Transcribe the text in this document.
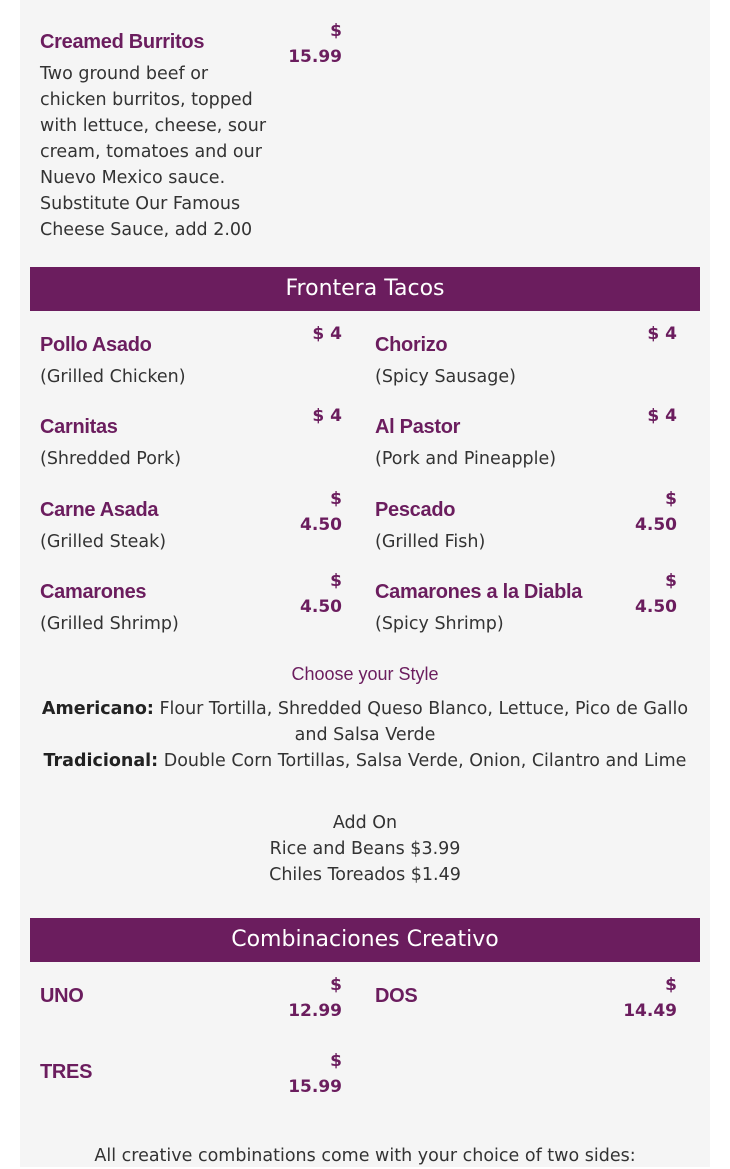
Creamed Burritos	$
15.99
Two ground beef or chicken burritos, topped with lettuce, cheese, sour cream, tomatoes and our Nuevo Mexico sauce. Substitute Our Famous Cheese Sauce, add 2.00
Frontera Tacos
Pollo Asado	$ 4
(Grilled Chicken)
Chorizo	$ 4
(Spicy Sausage)
Carnitas	$ 4
(Shredded Pork)
Al Pastor	$ 4
(Pork and Pineapple)
Carne Asada	$
4.50
(Grilled Steak)
Pescado	$
4.50
(Grilled Fish)
Camarones	$
4.50
(Grilled Shrimp)
Camarones a la Diabla	$
4.50
(Spicy Shrimp)
Choose your Style
Americano: Flour Tortilla, Shredded Queso Blanco, Lettuce, Pico de Gallo and Salsa Verde
Tradicional: Double Corn Tortillas, Salsa Verde, Onion, Cilantro and Lime
Add On
Rice and Beans $3.99
Chiles Toreados $1.49
Combinaciones Creativo
UNO	$
12.99
DOS	$
14.49
TRES	$
15.99
All creative combinations come with your choice of two sides:
